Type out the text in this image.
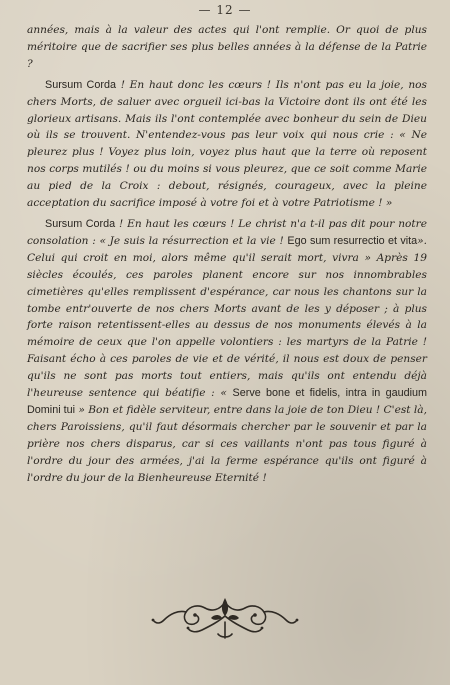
— 12 —

années, mais à la valeur des actes qui l'ont remplie. Or quoi de plus méritoire que de sacrifier ses plus belles années à la défense de la Patrie ?

Sursum Corda ! En haut donc les cœurs ! Ils n'ont pas eu la joie, nos chers Morts, de saluer avec orgueil ici-bas la Victoire dont ils ont été les glorieux artisans. Mais ils l'ont contemplée avec bonheur du sein de Dieu où ils se trouvent. N'entendez-vous pas leur voix qui nous crie : « Ne pleurez plus ! Voyez plus loin, voyez plus haut que la terre où reposent nos corps mutilés ! ou du moins si vous pleurez, que ce soit comme Marie au pied de la Croix : debout, résignés, courageux, avec la pleine acceptation du sacrifice imposé à votre foi et à votre Patriotisme ! »

Sursum Corda ! En haut les cœurs ! Le christ n'a t-il pas dit pour notre consolation : « Je suis la résurrection et la vie ! Ego sum resurrectio et vita». Celui qui croit en moi, alors même qu'il serait mort, vivra » Après 19 siècles écoulés, ces paroles planent encore sur nos innombrables cimetières qu'elles remplissent d'espérance, car nous les chantons sur la tombe entr'ouverte de nos chers Morts avant de les y déposer ; à plus forte raison retentissent-elles au dessus de nos monuments élevés à la mémoire de ceux que l'on appelle volontiers : les martyrs de la Patrie ! Faisant écho à ces paroles de vie et de vérité, il nous est doux de penser qu'ils ne sont pas morts tout entiers, mais qu'ils ont entendu déjà l'heureuse sentence qui béatifie : « Serve bone et fidelis, intra in gaudium Domini tui » Bon et fidèle serviteur, entre dans la joie de ton Dieu ! C'est là, chers Paroissiens, qu'il faut désormais chercher par le souvenir et par la prière nos chers disparus, car si ces vaillants n'ont pas tous figuré à l'ordre du jour des armées, j'ai la ferme espérance qu'ils ont figuré à l'ordre du jour de la Bienheureuse Eternité !
